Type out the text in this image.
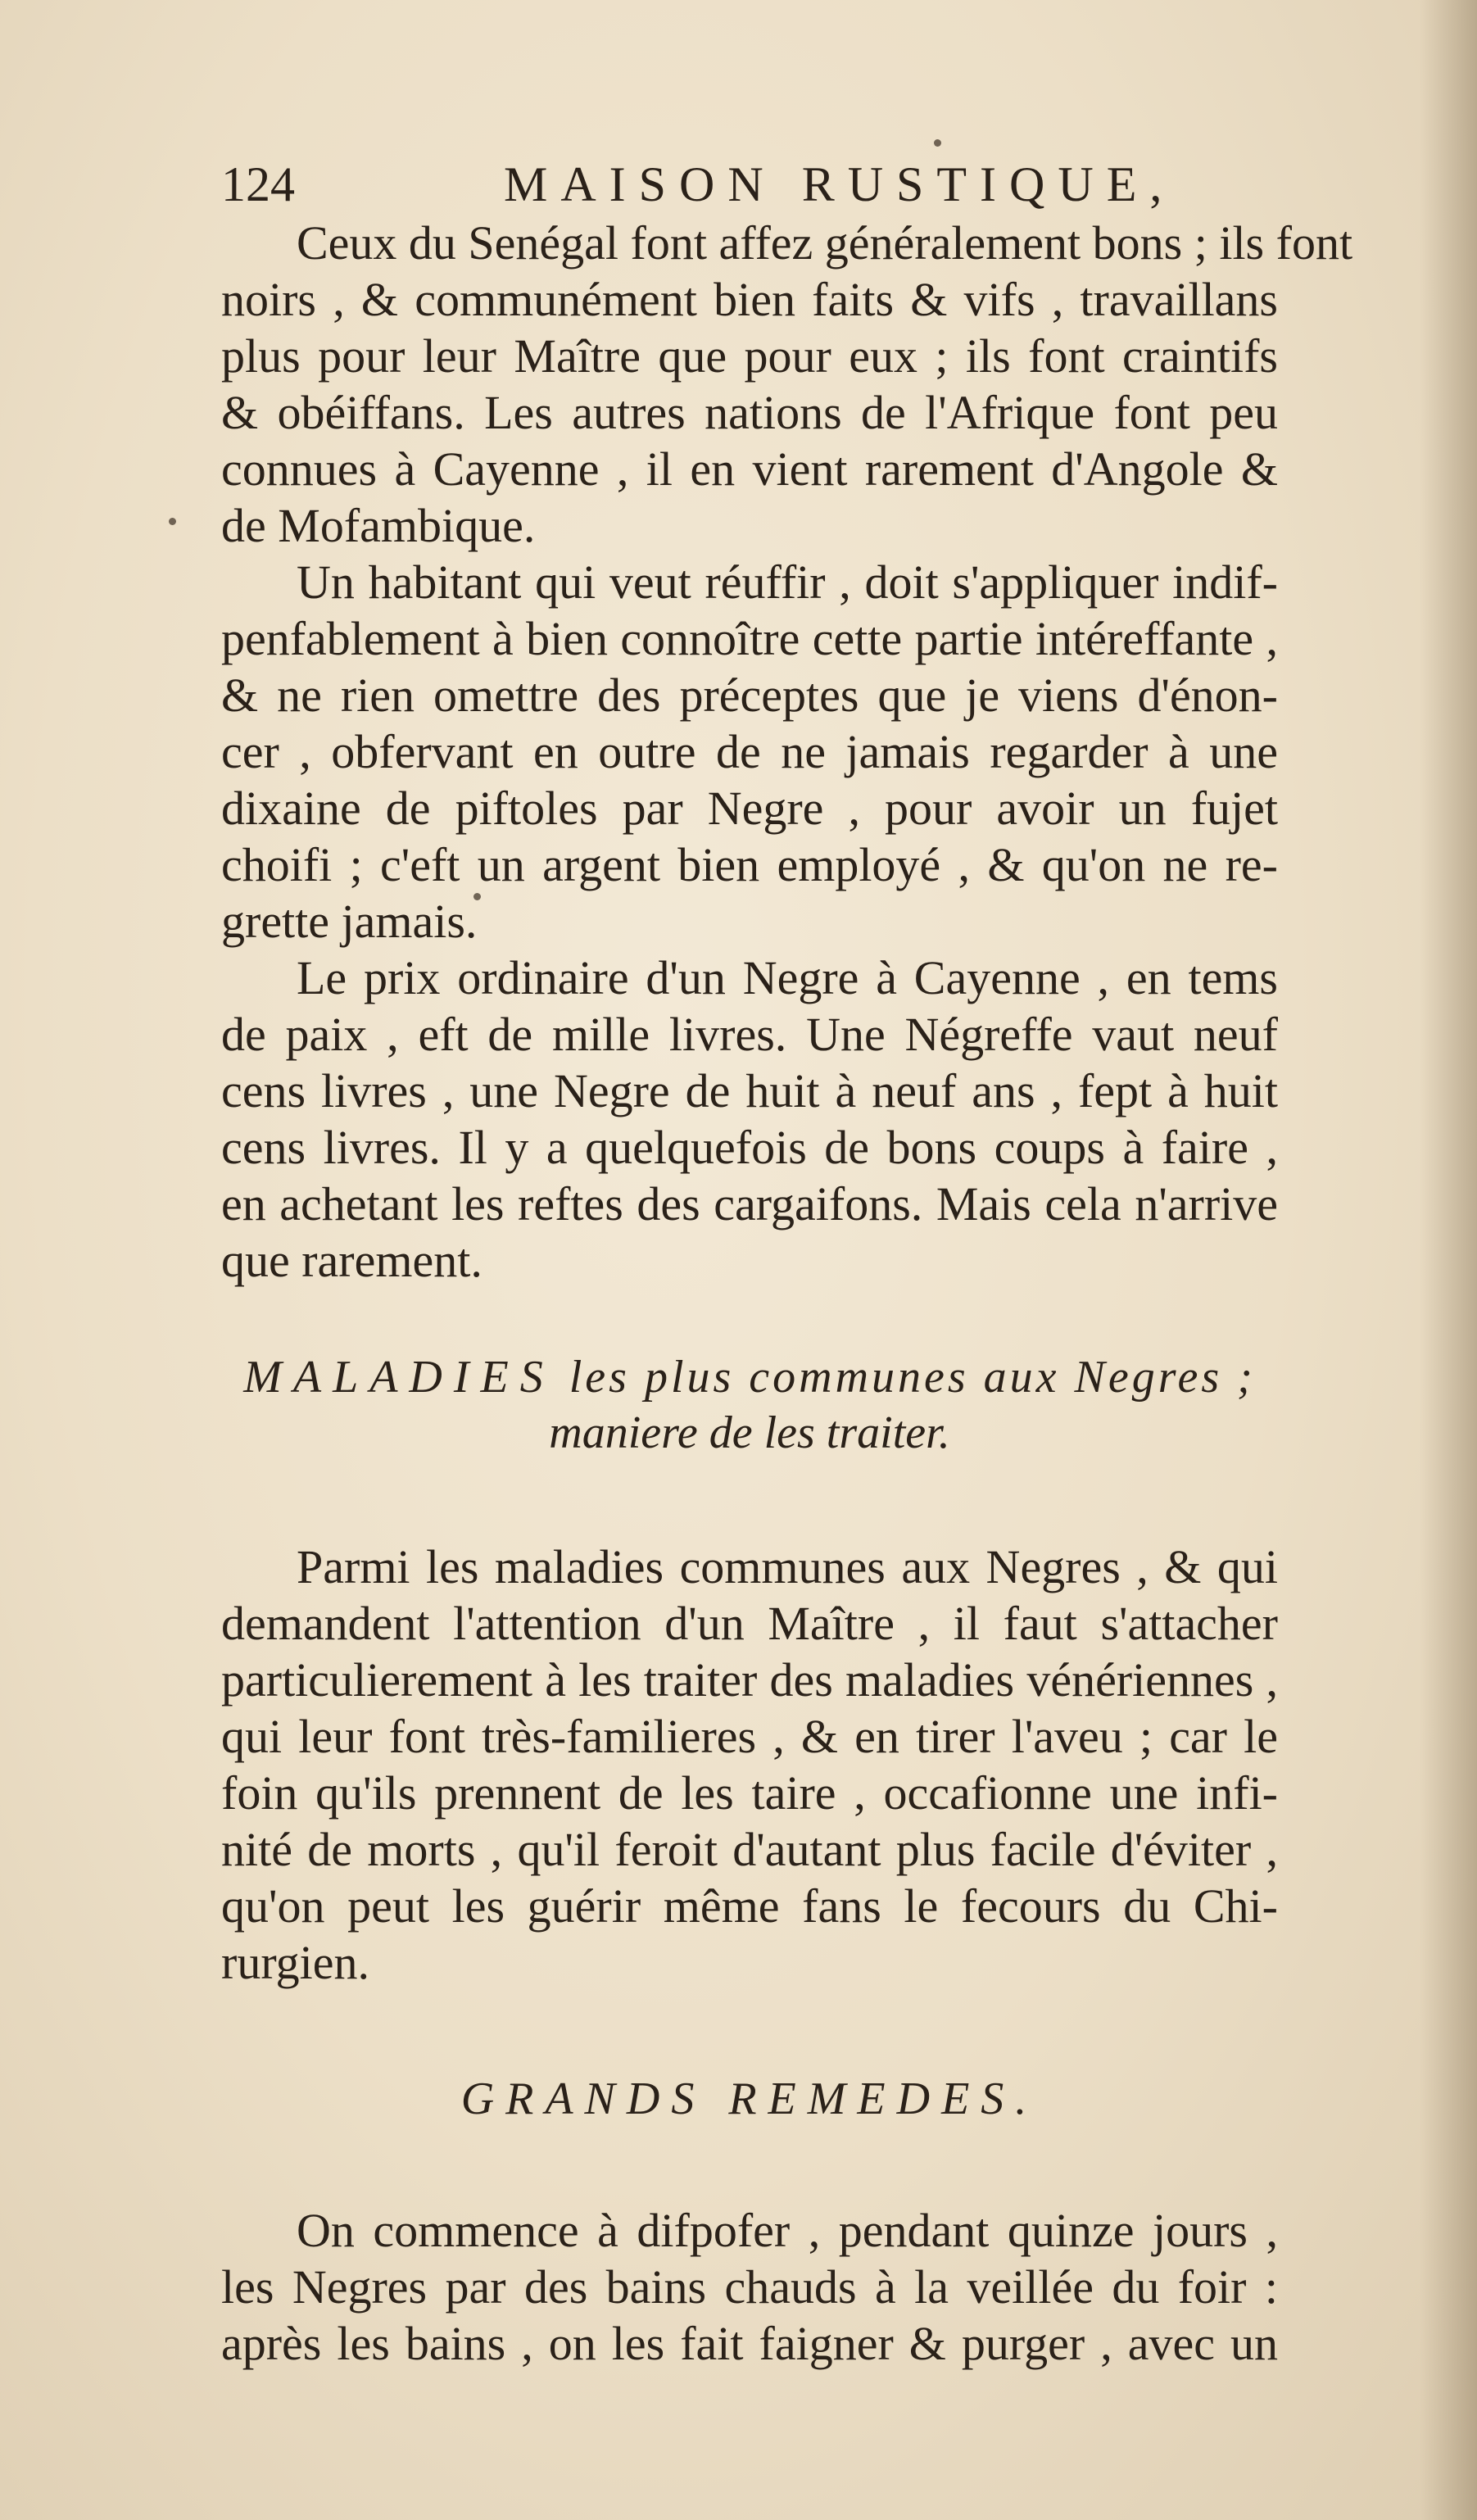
124	MAISON RUSTIQUE,

Ceux du Senégal font affez généralement bons ; ils font
noirs , & communément bien faits & vifs , travaillans
plus pour leur Maître que pour eux ; ils font craintifs
& obéiffans. Les autres nations de l'Afrique font peu
connues à Cayenne , il en vient rarement d'Angole &
de Mofambique.

Un habitant qui veut réuffir , doit s'appliquer indif-
penfablement à bien connoître cette partie intéreffante ,
& ne rien omettre des préceptes que je viens d'énon-
cer , obfervant en outre de ne jamais regarder à une
dixaine de piftoles par Negre , pour avoir un fujet
choifi ; c'eft un argent bien employé , & qu'on ne re-
grette jamais.

Le prix ordinaire d'un Negre à Cayenne , en tems
de paix , eft de mille livres. Une Négreffe vaut neuf
cens livres , une Negre de huit à neuf ans , fept à huit
cens livres. Il y a quelquefois de bons coups à faire ,
en achetant les reftes des cargaifons. Mais cela n'arrive
que rarement.

MALADIES les plus communes aux Negres ;

maniere de les traiter.

Parmi les maladies communes aux Negres , & qui
demandent l'attention d'un Maître , il faut s'attacher
particulierement à les traiter des maladies vénériennes ,
qui leur font très-familieres , & en tirer l'aveu ; car le
foin qu'ils prennent de les taire , occafionne une infi-
nité de morts , qu'il feroit d'autant plus facile d'éviter ,
qu'on peut les guérir même fans le fecours du Chi-
rurgien.

GRANDS REMEDES.

On commence à difpofer , pendant quinze jours ,
les Negres par des bains chauds à la veillée du foir :
après les bains , on les fait faigner & purger , avec un
